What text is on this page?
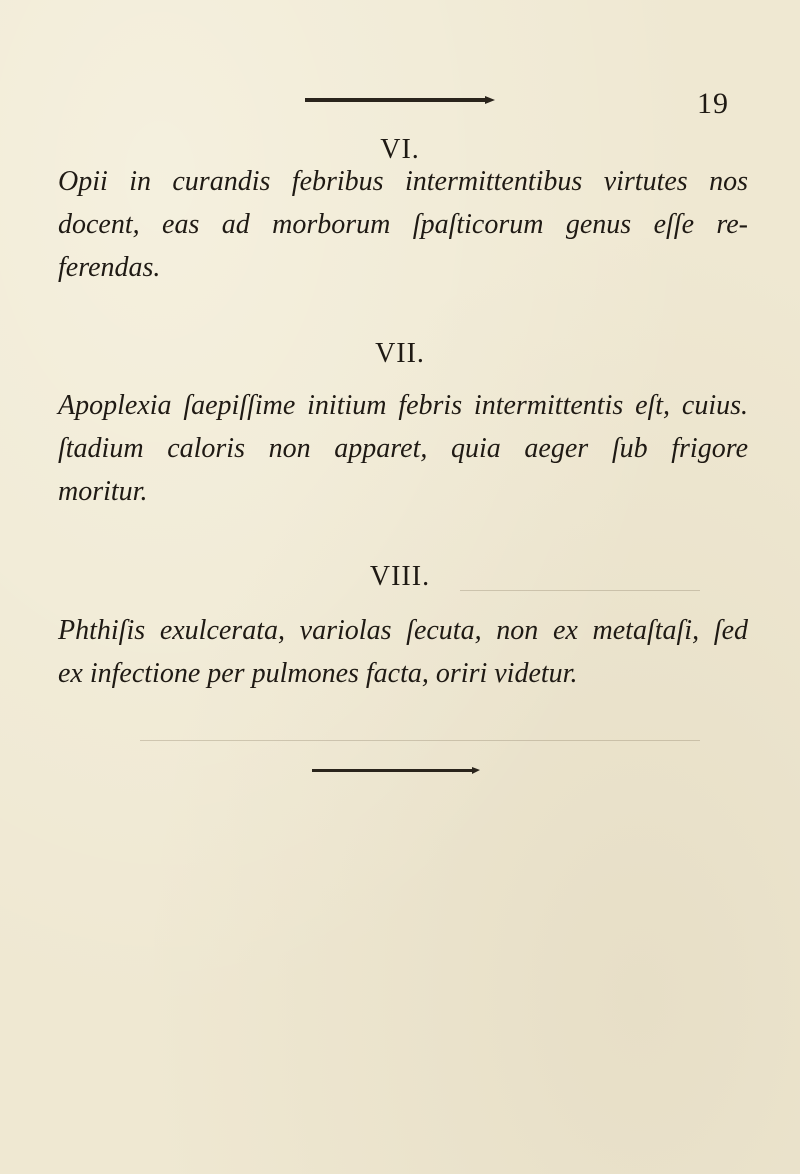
19
VI.
Opii in curandis febribus intermittentibus virtutes nos
docent, eas ad morborum ſpaſticorum genus eſſe re-
ferendas.
VII.
Apoplexia ſaepiſſime initium febris intermittentis eſt, cuius.
ſtadium caloris non apparet, quia aeger ſub frigore
moritur.
VIII.
Phthiſis exulcerata, variolas ſecuta, non ex metaſtaſi, ſed
ex infectione per pulmones facta, oriri videtur.
